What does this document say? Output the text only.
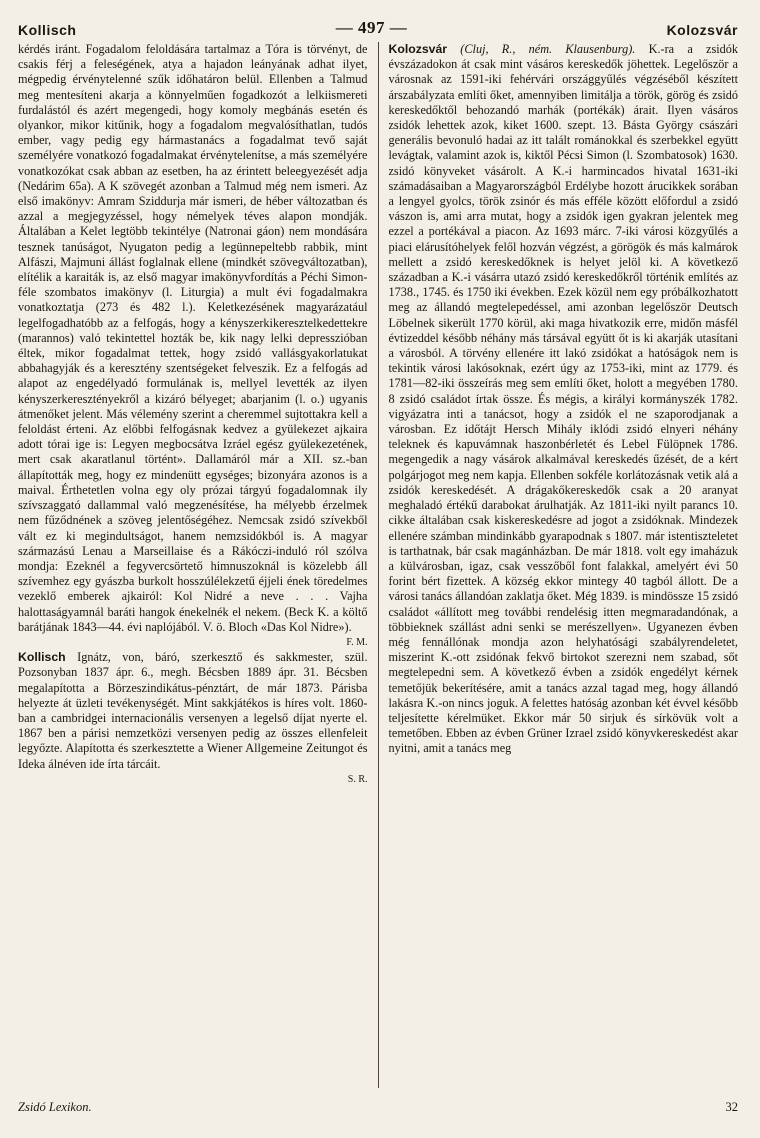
Kollisch	— 497 —	Kolozsvár

kérdés iránt. Fogadalom feloldására tartalmaz a Tóra is törvényt, de csakis férj a feleségének, atya a hajadon leányának adhat ilyet, mégpedig érvénytelenné szűk időhatáron belül. Ellenben a Talmud meg mentesíteni akarja a könnyelműen fogadkozót a lelkiismereti furdalástól és azért megengedi, hogy komoly megbánás esetén és olyankor, mikor kitűnik, hogy a fogadalom megvalósíthatlan, tudós ember, vagy pedig egy hármastanács a fogadalmat tevő saját személyére vonatkozó fogadalmakat érvénytelenítse, a más személyére vonatkozókat csak abban az esetben, ha az érintett beleegyezését adja (Nedárim 65a). A K szövegét azonban a Talmud még nem ismeri. Az első imakönyv: Amram Sziddurja már ismeri, de héber változatban és azzal a megjegyzéssel, hogy némelyek téves alapon mondják. Általában a Kelet legtöbb tekintélye (Natronai gáon) nem mondására tesznek tanúságot, Nyugaton pedig a legünnepeltebb rabbik, mint Alfászi, Majmuni állást foglalnak ellene (mindkét szövegváltozatban), elítélik a karaiták is, az első magyar imakönyvfordítás a Péchi Simon-féle szombatos imakönyv (l. Liturgia) a mult évi fogadalmakra vonatkoztatja (273 és 482 l.). Keletkezésének magyarázatául legelfogadhatóbb az a felfogás, hogy a kényszerkikeresztelkedettekre (marannos) való tekintettel hozták be, kik nagy lelki depresszióban éltek, mikor fogadalmat tettek, hogy zsidó vallásgyakorlatukat abbahagyják és a keresztény szentségeket felveszik. Ez a felfogás ad alapot az engedélyadó formulának is, mellyel levették az ilyen kényszerkeresztényekről a kizáró bélyeget; abarjanim (l. o.) ugyanis átmenőket jelent. Más vélemény szerint a cheremmel sujtottakra kell a feloldást érteni. Az előbbi felfogásnak kedvez a gyülekezet ajkaira adott tórai ige is: Legyen megbocsátva Izráel egész gyülekezetének, mert csak akaratlanul történt». Dallamáról már a XII. sz.-ban állapították meg, hogy ez mindenütt egységes; bizonyára azonos is a maival. Érthetetlen volna egy oly prózai tárgyú fogadalomnak ily szívszaggató dallammal való megzenésítése, ha mélyebb érzelmek nem fűződnének a szöveg jelentőségéhez. Nemcsak zsidó szívekből vált ez ki megindultságot, hanem nemzsidókból is. A magyar származású Lenau a Marseillaise és a Rákóczi-induló ról szólva mondja: Ezeknél a fegyvercsörtető himnuszoknál is közelebb áll szívemhez egy gyászba burkolt hosszúlélekzetű éjjeli ének töredelmes vezeklő emberek ajkairól: Kol Nidré a neve . . . Vajha halottaságyamnál baráti hangok énekelnék el nekem. (Beck K. a költő barátjának 1843—44. évi naplójából. V. ö. Bloch «Das Kol Nidre»).

F. M.

Kollisch Ignátz, von, báró, szerkesztő és sakkmester, szül. Pozsonyban 1837 ápr. 6., megh. Bécsben 1889 ápr. 31. Bécsben megalapította a Börzeszindikátus-pénztárt, de már 1873. Párisba helyezte át üzleti tevékenységét. Mint sakkjátékos is híres volt. 1860-ban a cambridgei internacionális versenyen a legelső díjat nyerte el. 1867 ben a párisi nemzetközi versenyen pedig az összes ellenfeleit legyőzte. Alapította és szerkesztette a Wiener Allgemeine Zeitungot és Ideka álnéven ide írta tárcáit.

S. R.

Kolozsvár (Cluj, R., ném. Klausenburg). K.-ra a zsidók évszázadokon át csak mint vásáros kereskedők jöhettek. Legelőször a városnak az 1591-iki fehérvári országgyűlés végzéséből készített árszabályzata említi őket, amennyiben limitálja a török, görög és zsidó kereskedőktől behozandó marhák (portékák) árait. Ilyen vásáros zsidók lehettek azok, kiket 1600. szept. 13. Básta György császári generális bevonuló hadai az itt talált románokkal és szerbekkel együtt levágtak, valamint azok is, kiktől Pécsi Simon (l. Szombatosok) 1630. zsidó könyveket vásárolt. A K.-i harmincados hivatal 1631-iki számadásaiban a Magyarországból Erdélybe hozott árucikkek sorában a lengyel gyolcs, török zsinór és más efféle között előfordul a zsidó vászon is, ami arra mutat, hogy a zsidók igen gyakran jelentek meg ezzel a portékával a piacon. Az 1693 márc. 7-iki városi közgyűlés a piaci elárusítóhelyek felől hozván végzést, a görögök és más kalmárok mellett a zsidó kereskedőknek is helyet jelöl ki. A következő században a K.-i vásárra utazó zsidó kereskedőkről történik említés az 1738., 1745. és 1750 iki években. Ezek közül nem egy próbálkozhatott meg az állandó megtelepedéssel, ami azonban legelőször Deutsch Löbelnek sikerült 1770 körül, aki maga hivatkozik erre, midőn másfél évtizeddel később néhány más társával együtt őt is ki akarják utasítani a városból. A törvény ellenére itt lakó zsidókat a hatóságok nem is tekintik városi lakósoknak, ezért úgy az 1753-iki, mint az 1779. és 1781—82-iki összeírás meg sem említi őket, holott a megyében 1780. 8 zsidó családot írtak össze. És mégis, a királyi kormányszék 1782. vigyázatra inti a tanácsot, hogy a zsidók el ne szaporodjanak a városban. Ez időtájt Hersch Mihály iklódi zsidó elnyeri néhány teleknek és kapuvámnak haszonbérletét és Lebel Fülöpnek 1786. megengedik a nagy vásárok alkalmával kereskedés űzését, de a kért polgárjogot meg nem kapja. Ellenben sokféle korlátozásnak vetik alá a zsidók kereskedését. A drágakőkereskedők csak a 20 aranyat meghaladó értékű darabokat árulhatják. Az 1811-iki nyilt parancs 10. cikke általában csak kiskereskedésre ad jogot a zsidóknak. Mindezek ellenére számban mindinkább gyarapodnak s 1807. már istentiszteletet is tarthatnak, bár csak magánházban. De már 1818. volt egy imaházuk a külvárosban, igaz, csak vesszőből font falakkal, amelyért évi 50 forint bért fizettek. A község ekkor mintegy 40 tagból állott. De a városi tanács állandóan zaklatja őket. Még 1839. is mindössze 15 zsidó családot «állított meg további rendelésig itten megmaradandónak, a többieknek szállást adni senki se merészellyen». Ugyanezen évben még fennállónak mondja azon helyhatósági szabályrendeletet, miszerint K.-ott zsidónak fekvő birtokot szerezni nem szabad, sőt megtelepedni sem. A következő évben a zsidók engedélyt kérnek temetőjük bekerítésére, amit a tanács azzal tagad meg, hogy állandó lakásra K.-on nincs joguk. A felettes hatóság azonban két évvel később teljesítette kérelmüket. Ekkor már 50 sirjuk és sírkövük volt a temetőben. Ebben az évben Grüner Izrael zsidó könyvkereskedést akar nyitni, amit a tanács meg

Zsidó Lexikon.	32
